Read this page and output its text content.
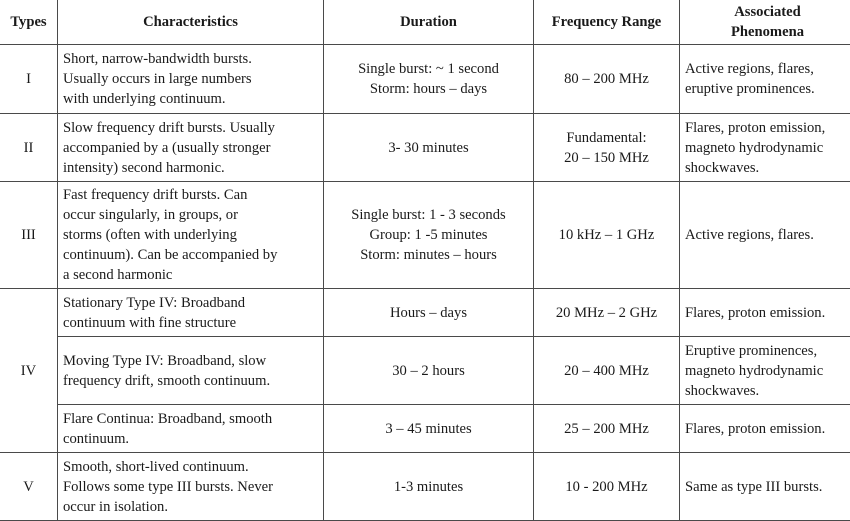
Types	Characteristics	Duration	Frequency Range	Associated
Phenomena

I	Short, narrow-bandwidth bursts.
Usually occurs in large numbers
with underlying continuum.	Single burst: ~ 1 second
Storm: hours – days	80 – 200 MHz	Active regions, flares,
eruptive prominences.

II	Slow frequency drift bursts. Usually
accompanied by a (usually stronger
intensity) second harmonic.	3- 30 minutes	Fundamental:
20 – 150 MHz	Flares, proton emission,
magneto hydrodynamic
shockwaves.

III	Fast frequency drift bursts. Can
occur singularly, in groups, or
storms (often with underlying
continuum). Can be accompanied by
a second harmonic	Single burst: 1 - 3 seconds
Group: 1 -5 minutes
Storm: minutes – hours	10 kHz – 1 GHz	Active regions, flares.

IV	Stationary Type IV: Broadband
continuum with fine structure	Hours – days	20 MHz – 2 GHz	Flares, proton emission.

	Moving Type IV: Broadband, slow
frequency drift, smooth continuum.	30 – 2 hours	20 – 400 MHz	Eruptive prominences,
magneto hydrodynamic
shockwaves.

	Flare Continua: Broadband, smooth
continuum.	3 – 45 minutes	25 – 200 MHz	Flares, proton emission.

V	Smooth, short-lived continuum.
Follows some type III bursts. Never
occur in isolation.	1-3 minutes	10 - 200 MHz	Same as type III bursts.
